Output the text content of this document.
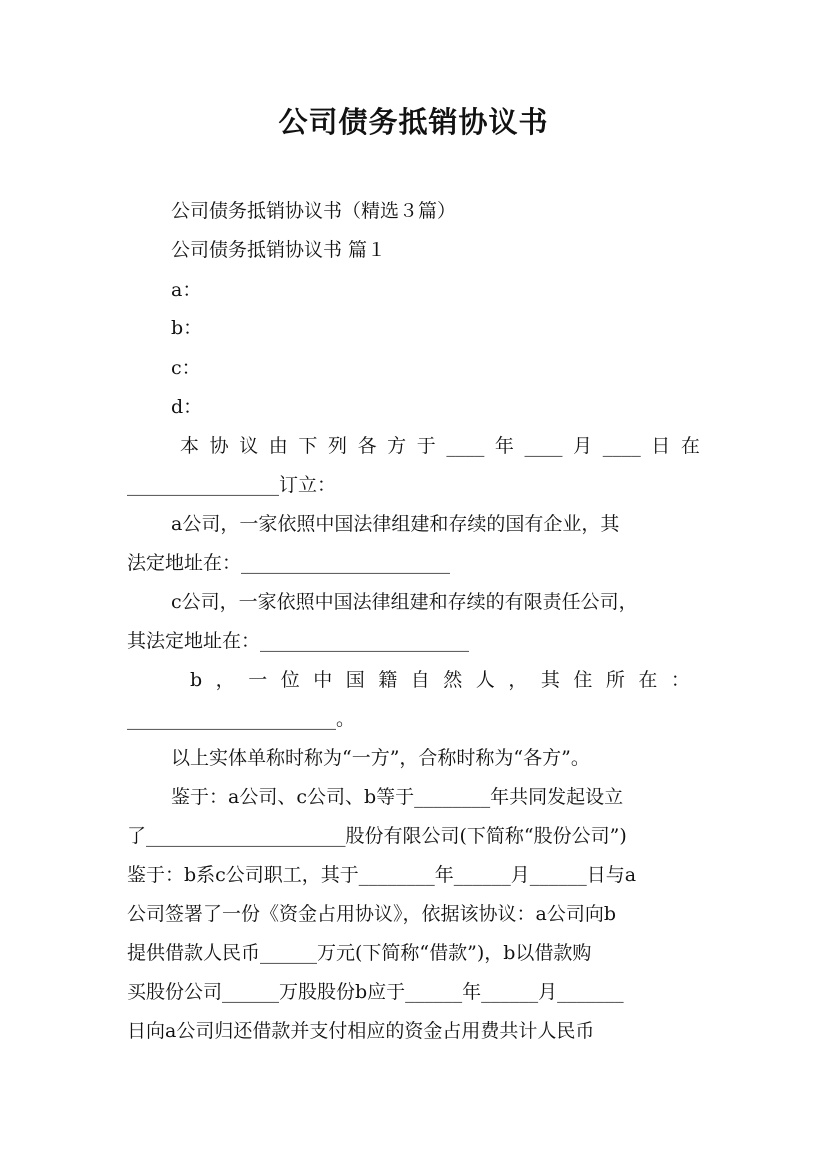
公司债务抵销协议书
公司债务抵销协议书（精选３篇）
公司债务抵销协议书 篇１
a：
b：
c：
d：
本 协 议 由 下 列 各 方 于 ____ 年 ____ 月 ____ 日 在
________________订立：
a公司，一家依照中国法律组建和存续的国有企业，其
法定地址在：______________________
c公司，一家依照中国法律组建和存续的有限责任公司，
其法定地址在：______________________
b ， 一 位 中 国 籍 自 然 人 ， 其 住 所 在 ：
______________________。
以上实体单称时称为“一方”，合称时称为“各方”。
鉴于：a公司、c公司、b等于________年共同发起设立
了_____________________股份有限公司(下简称“股份公司”)
鉴于：b系c公司职工，其于________年______月______日与a
公司签署了一份《资金占用协议》，依据该协议：a公司向b
提供借款人民币______万元(下简称“借款”)，b以借款购
买股份公司______万股股份b应于______年______月_______
日向a公司归还借款并支付相应的资金占用费共计人民币
